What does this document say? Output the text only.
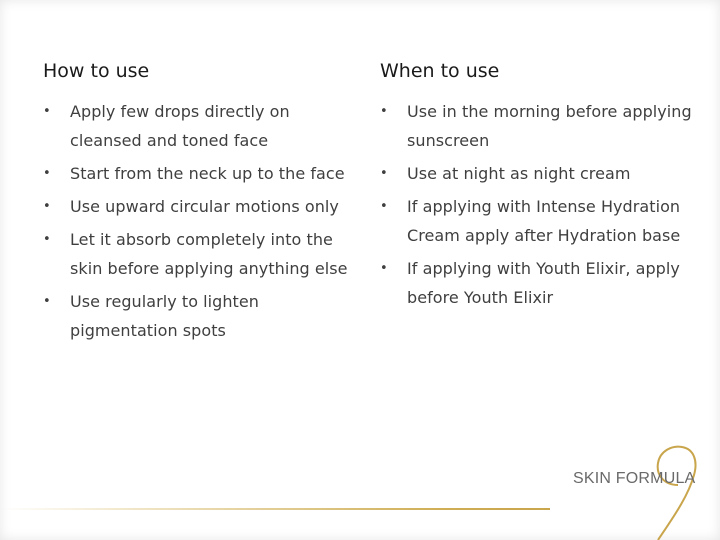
How to use
• Apply few drops directly on cleansed and toned face
• Start from the neck up to the face
• Use upward circular motions only
• Let it absorb completely into the skin before applying anything else
• Use regularly to lighten pigmentation spots
When to use
• Use in the morning before applying sunscreen
• Use at night as night cream
• If applying with Intense Hydration Cream apply after Hydration base
• If applying with Youth Elixir, apply before Youth Elixir
SKIN FORMULA
